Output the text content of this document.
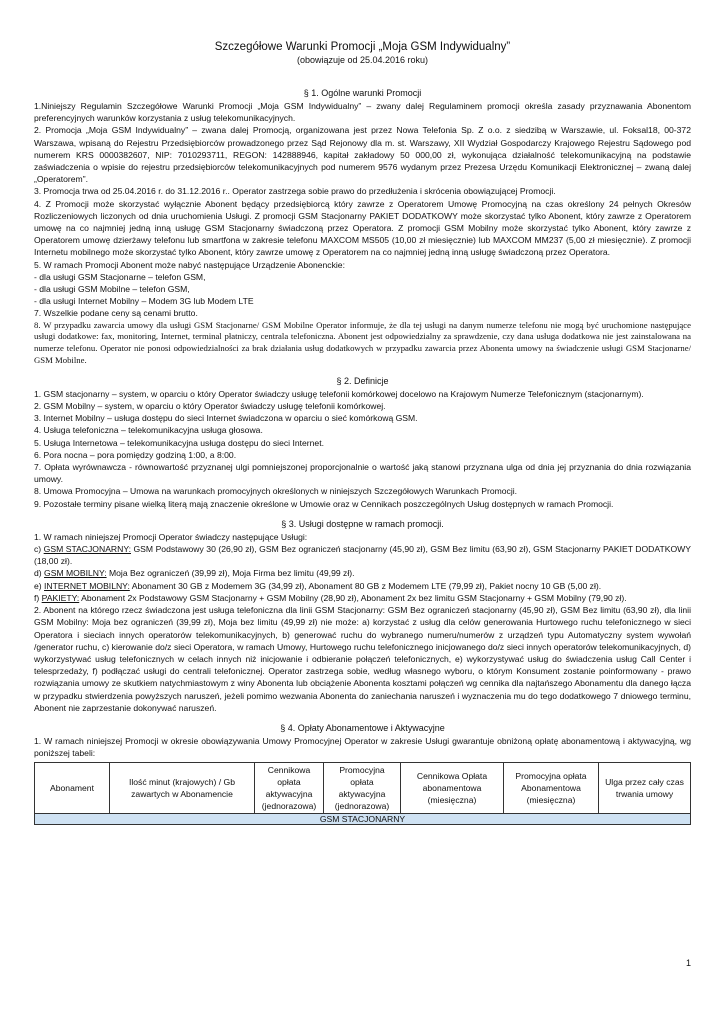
Szczegółowe Warunki Promocji „Moja GSM Indywidualny”
(obowiązuje od 25.04.2016 roku)
§ 1. Ogólne warunki Promocji

1.Niniejszy Regulamin Szczegółowe Warunki Promocji „Moja GSM Indywidualny” – zwany dalej Regulaminem promocji określa zasady przyznawania Abonentom preferencyjnych warunków korzystania z usług telekomunikacyjnych.

2. Promocja „Moja GSM Indywidualny” – zwana dalej Promocją, organizowana jest przez Nowa Telefonia Sp. Z o.o. z siedzibą w Warszawie, ul. Foksal18, 00-372 Warszawa, wpisaną do Rejestru Przedsiębiorców prowadzonego przez Sąd Rejonowy dla m. st. Warszawy, XII Wydział Gospodarczy Krajowego Rejestru Sądowego pod numerem KRS 0000382607, NIP: 7010293711, REGON: 142888946, kapitał zakładowy 50 000,00 zł, wykonująca działalność telekomunikacyjną na podstawie zaświadczenia o wpisie do rejestru przedsiębiorców telekomunikacyjnych pod numerem 9576 wydanym przez Prezesa Urzędu Komunikacji Elektronicznej – zwaną dalej „Operatorem”.

3. Promocja trwa od 25.04.2016 r. do 31.12.2016 r.. Operator zastrzega sobie prawo do przedłużenia i skrócenia obowiązującej Promocji.

4. Z Promocji może skorzystać wyłącznie Abonent będący przedsiębiorcą który zawrze z Operatorem Umowę Promocyjną na czas określony 24 pełnych Okresów Rozliczeniowych liczonych od dnia uruchomienia Usługi. Z promocji GSM Stacjonarny PAKIET DODATKOWY może skorzystać tylko Abonent, który zawrze z Operatorem umowę na co najmniej jedną inną usługę GSM Stacjonarny świadczoną przez Operatora. Z promocji GSM Mobilny może skorzystać tylko Abonent, który zawrze z Operatorem umowę dzierżawy telefonu lub smartfona w zakresie telefonu MAXCOM MS505 (10,00 zł miesięcznie) lub MAXCOM MM237 (5,00 zł miesięcznie). Z promocji Internetu mobilnego może skorzystać tylko Abonent, który zawrze umowę z Operatorem na co najmniej jedną inną usługę świadczoną przez Operatora.

5. W ramach Promocji Abonent może nabyć następujące Urządzenie Abonenckie:

- dla usługi GSM Stacjonarne – telefon GSM,

- dla usługi GSM Mobilne – telefon GSM,

- dla usługi Internet Mobilny – Modem 3G lub Modem LTE

7. Wszelkie podane ceny są cenami brutto.

8. W przypadku zawarcia umowy dla usługi GSM Stacjonarne/ GSM Mobilne Operator informuje, że dla tej usługi na danym numerze telefonu nie mogą być uruchomione następujące usługi dodatkowe: fax, monitoring, Internet, terminal płatniczy, centrala telefoniczna. Abonent jest odpowiedzialny za sprawdzenie, czy dana usługa dodatkowa nie jest zainstalowana na numerze telefonu. Operator nie ponosi odpowiedzialności za brak działania usług dodatkowych w przypadku zawarcia przez Abonenta umowy na świadczenie usługi GSM Stacjonarne/ GSM Mobilne.

§ 2. Definicje

1. GSM stacjonarny – system, w oparciu o który Operator świadczy usługę telefonii komórkowej docelowo na Krajowym Numerze Telefonicznym (stacjonarnym).

2. GSM Mobilny – system, w oparciu o który Operator świadczy usługę telefonii komórkowej.

3. Internet Mobilny – usługa dostępu do sieci Internet świadczona w oparciu o sieć komórkową GSM.

4. Usługa telefoniczna – telekomunikacyjna usługa głosowa.

5. Usługa Internetowa – telekomunikacyjna usługa dostępu do sieci Internet.

6. Pora nocna – pora pomiędzy godziną 1:00, a 8:00.

7. Opłata wyrównawcza - równowartość przyznanej ulgi pomniejszonej proporcjonalnie o wartość jaką stanowi przyznana ulga od dnia jej przyznania do dnia rozwiązania umowy.

8. Umowa Promocyjna – Umowa na warunkach promocyjnych określonych w niniejszych Szczegółowych Warunkach Promocji.

9. Pozostałe terminy pisane wielką literą mają znaczenie określone w Umowie oraz w Cennikach poszczególnych Usług dostępnych w ramach Promocji.

§ 3. Usługi dostępne w ramach promocji.

1. W ramach niniejszej Promocji Operator świadczy następujące Usługi:

c) GSM STACJONARNY: GSM Podstawowy 30 (26,90 zł), GSM Bez ograniczeń stacjonarny (45,90 zł), GSM Bez limitu (63,90 zł), GSM Stacjonarny PAKIET DODATKOWY (18,00 zł).

d) GSM MOBILNY: Moja Bez ograniczeń (39,99 zł), Moja Firma bez limitu (49,99 zł).

e) INTERNET MOBILNY: Abonament 30 GB z Modemem 3G (34,99 zł), Abonament 80 GB z Modemem LTE (79,99 zł), Pakiet nocny 10 GB (5,00 zł).

f) PAKIETY: Abonament 2x Podstawowy GSM Stacjonarny + GSM Mobilny (28,90 zł), Abonament 2x bez limitu GSM Stacjonarny + GSM Mobilny (79,90 zł).

2. Abonent na którego rzecz świadczona jest usługa telefoniczna dla linii GSM Stacjonarny: GSM Bez ograniczeń stacjonarny (45,90 zł), GSM Bez limitu (63,90 zł), dla linii GSM Mobilny: Moja bez ograniczeń (39,99 zł), Moja bez limitu (49,99 zł) nie może: a) korzystać z usług dla celów generowania Hurtowego ruchu telefonicznego w sieci Operatora i sieciach innych operatorów telekomunikacyjnych, b) generować ruchu do wybranego numeru/numerów z urządzeń typu Automatyczny system wywołań /generator ruchu, c) kierowanie do/z sieci Operatora, w ramach Umowy, Hurtowego ruchu telefonicznego inicjowanego do/z sieci innych operatorów telekomunikacyjnych, d) wykorzystywać usług telefonicznych w celach innych niż inicjowanie i odbieranie połączeń telefonicznych, e) wykorzystywać usług do świadczenia usług Call Center i telesprzedaży, f) podłączać usługi do centrali telefonicznej. Operator zastrzega sobie, według własnego wyboru, o którym Konsument zostanie poinformowany - prawo rozwiązania umowy ze skutkiem natychmiastowym z winy Abonenta lub obciążenie Abonenta kosztami połączeń wg cennika dla najtańszego Abonamentu dla danego łącza w przypadku stwierdzenia powyższych naruszeń, jeżeli pomimo wezwania Abonenta do zaniechania naruszeń i wyznaczenia mu do tego dodatkowego 7 dniowego terminu, Abonent nie zaprzestanie dokonywać naruszeń.

§ 4. Opłaty Abonamentowe i Aktywacyjne

1. W ramach niniejszej Promocji w okresie obowiązywania Umowy Promocyjnej Operator w zakresie Usługi gwarantuje obniżoną opłatę abonamentową i aktywacyjną, wg poniższej tabeli:

Abonament	Ilość minut (krajowych) / Gb zawartych w Abonamencie	Cennikowa opłata aktywacyjna (jednorazowa)	Promocyjna opłata aktywacyjna (jednorazowa)	Cennikowa Opłata abonamentowa (miesięczna)	Promocyjna opłata Abonamentowa (miesięczna)	Ulga przez cały czas trwania umowy
GSM STACJONARNY
1
